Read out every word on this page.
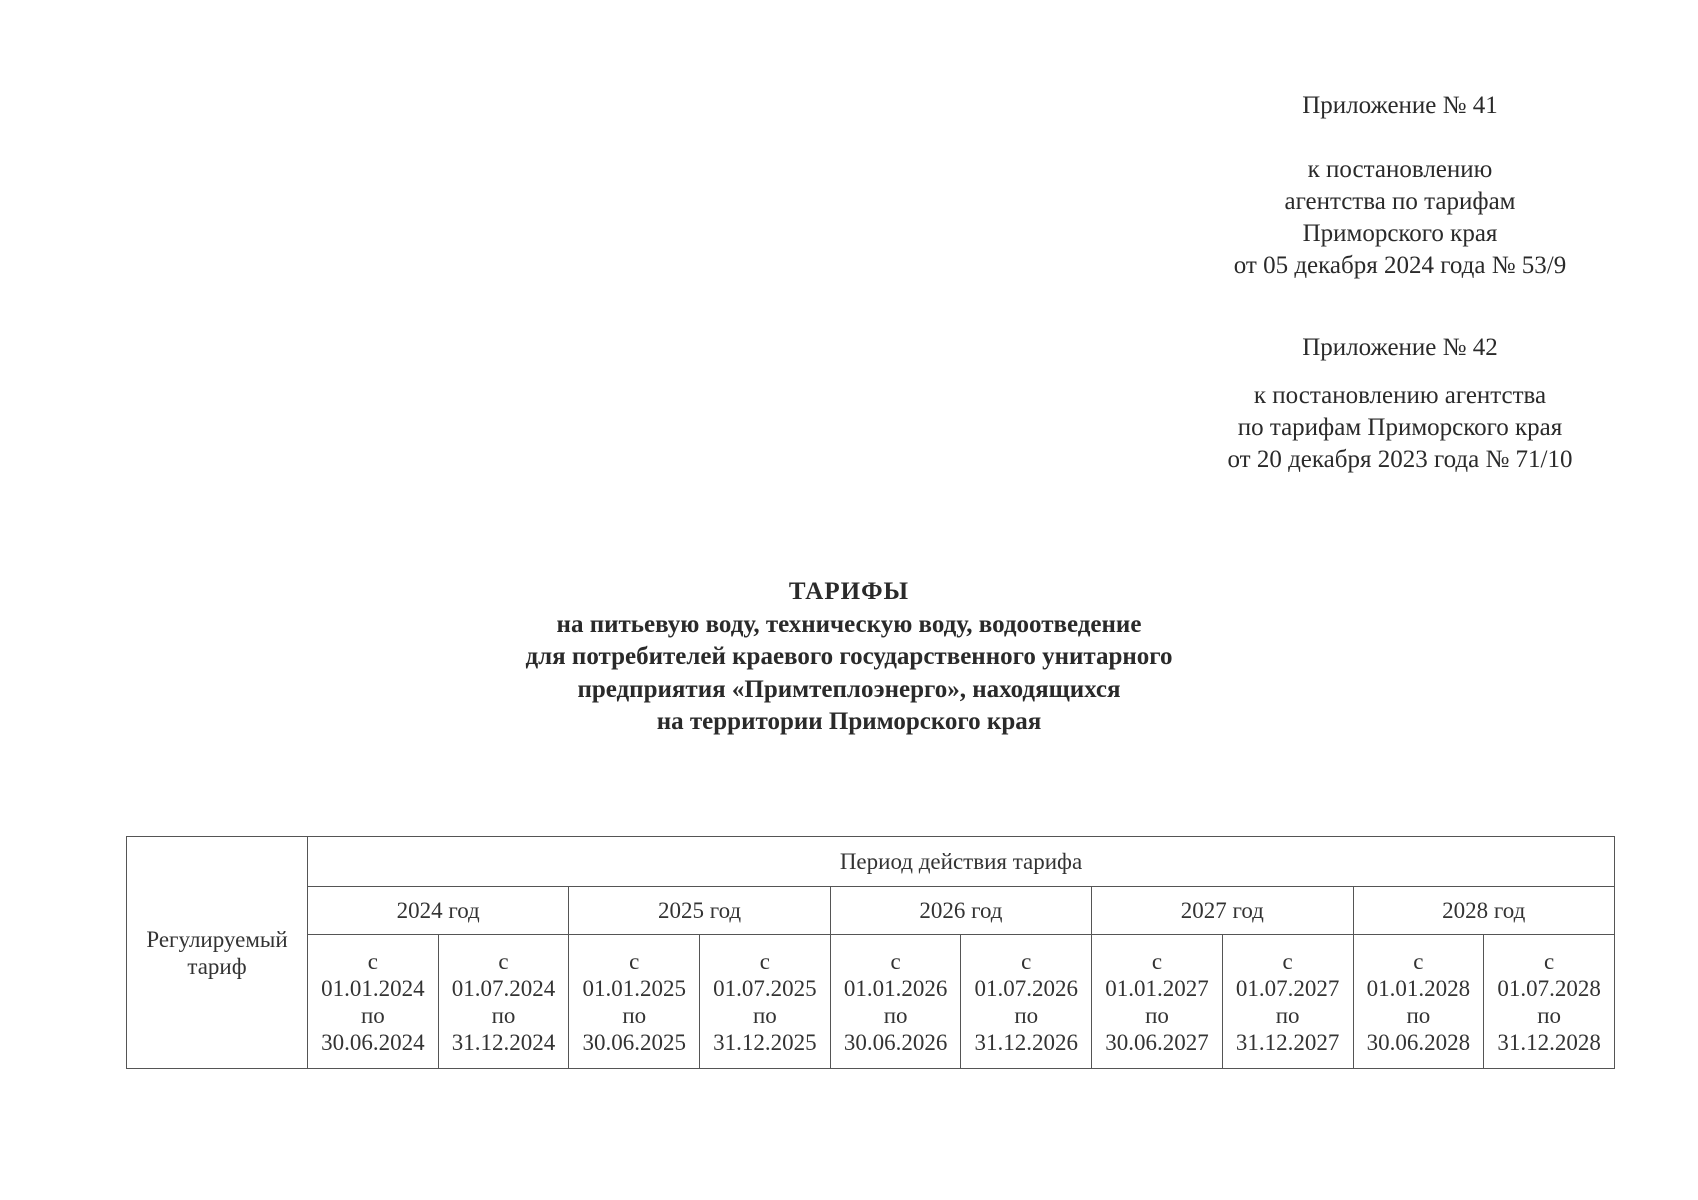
Приложение № 41
к постановлению
агентства по тарифам
Приморского края
от 05 декабря 2024 года № 53/9
Приложение № 42
к постановлению агентства
по тарифам Приморского края
от 20 декабря 2023 года № 71/10
ТАРИФЫ
на питьевую воду, техническую воду, водоотведение
для потребителей краевого государственного унитарного
предприятия «Примтеплоэнерго», находящихся
на территории Приморского края
Регулируемый тариф	Период действия тарифа									
	2024 год		2025 год		2026 год		2027 год		2028 год	

	с
01.01.2024
по
30.06.2024	с
01.07.2024
по
31.12.2024	с
01.01.2025
по
30.06.2025	с
01.07.2025
по
31.12.2025	с
01.01.2026
по
30.06.2026	с
01.07.2026
по
31.12.2026	с
01.01.2027
по
30.06.2027	с
01.07.2027
по
31.12.2027	с
01.01.2028
по
30.06.2028	с
01.07.2028
по
31.12.2028
